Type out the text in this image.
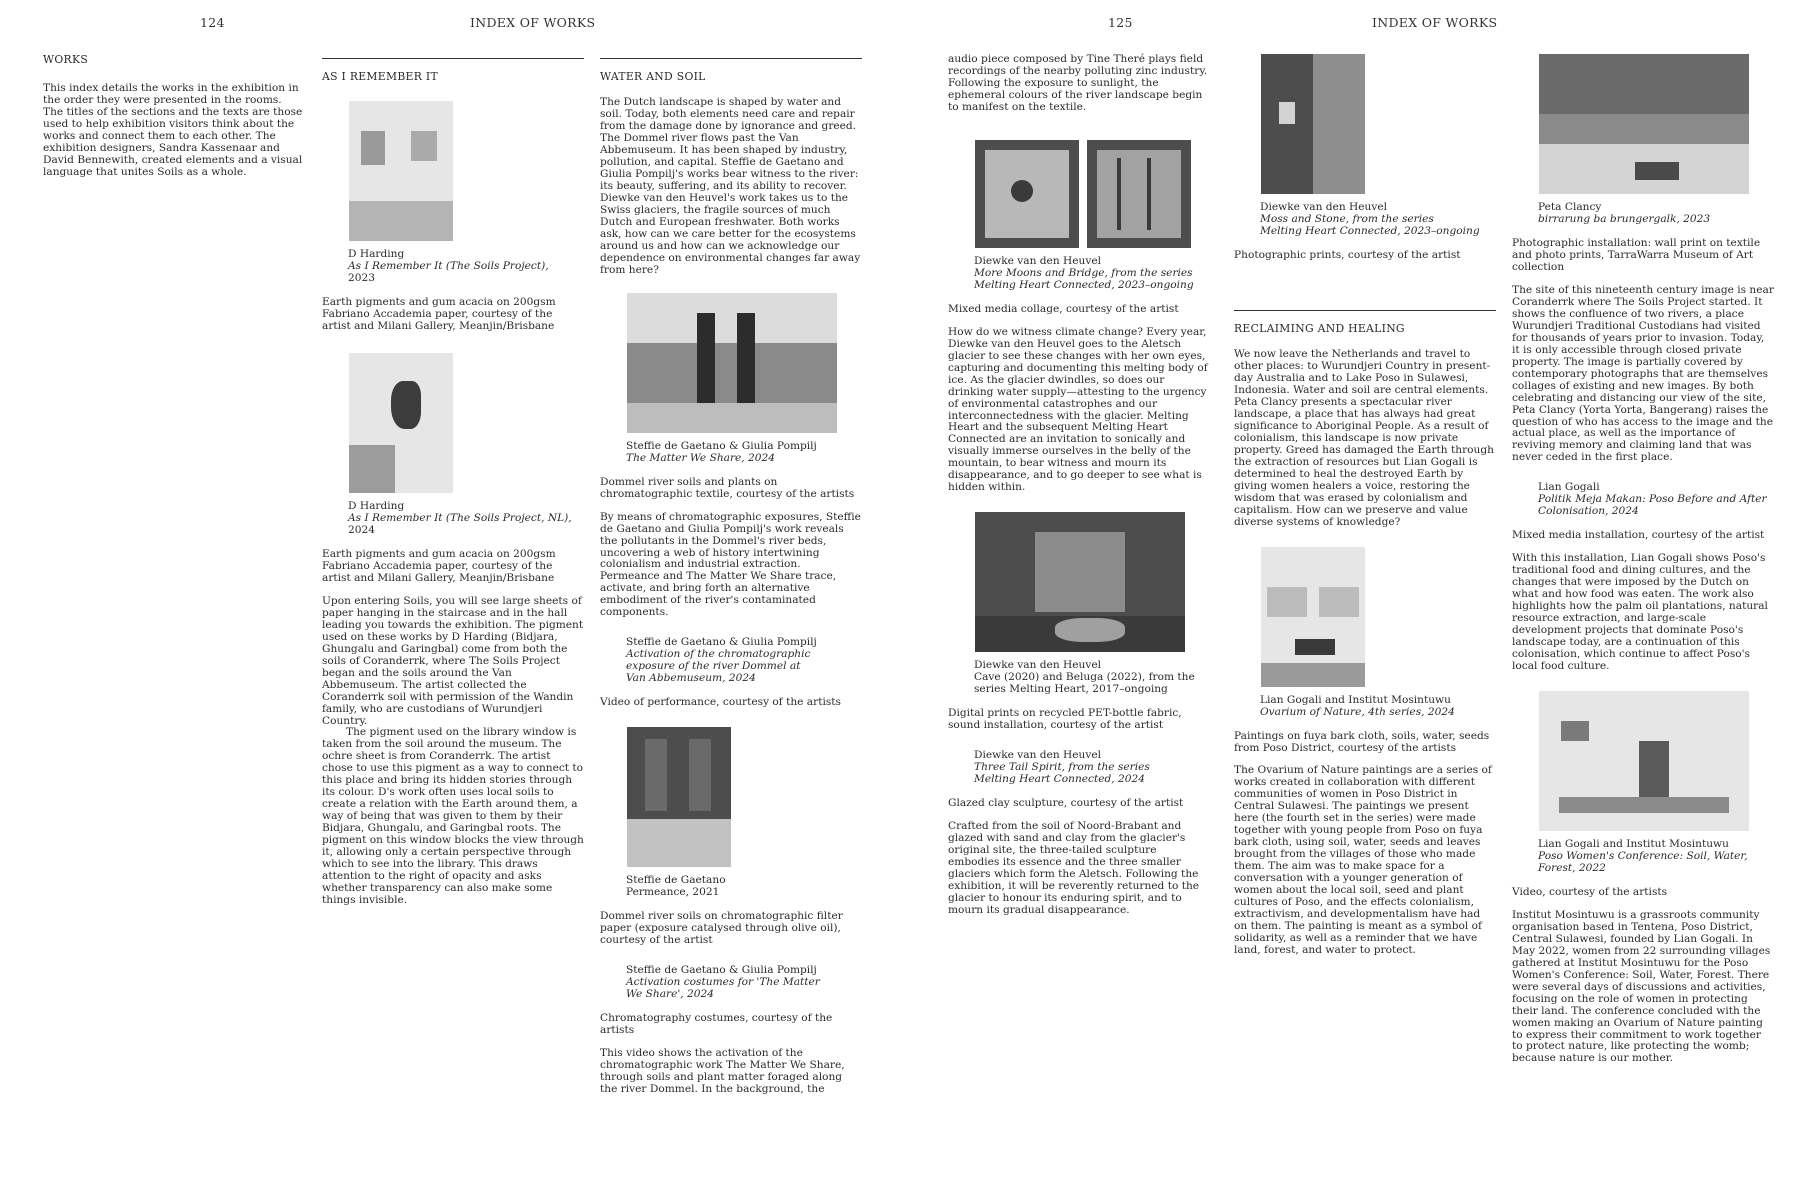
124	INDEX OF WORKS	125	INDEX OF WORKS
WORKS

This index details the works in the exhibition in the order they were presented in the rooms. The titles of the sections and the texts are those used to help exhibition visitors think about the works and connect them to each other. The exhibition designers, Sandra Kassenaar and David Bennewith, created elements and a visual language that unites Soils as a whole.

AS I REMEMBER IT
D Harding
As I Remember It (The Soils Project),
2023

Earth pigments and gum acacia on 200gsm Fabriano Accademia paper, courtesy of the artist and Milani Gallery, Meanjin/Brisbane

D Harding
As I Remember It (The Soils Project, NL),
2024

Earth pigments and gum acacia on 200gsm Fabriano Accademia paper, courtesy of the artist and Milani Gallery, Meanjin/Brisbane

Upon entering Soils, you will see large sheets of paper hanging in the staircase and in the hall leading you towards the exhibition. The pigment used on these works by D Harding (Bidjara, Ghungalu and Garingbal) come from both the soils of Coranderrk, where The Soils Project began and the soils around the Van Abbemuseum. The artist collected the Coranderrk soil with permission of the Wandin family, who are custodians of Wurundjeri Country.

The pigment used on the library window is taken from the soil around the museum. The ochre sheet is from Coranderrk. The artist chose to use this pigment as a way to connect to this place and bring its hidden stories through its colour. D's work often uses local soils to create a relation with the Earth around them, a way of being that was given to them by their Bidjara, Ghungalu, and Garingbal roots. The pigment on this window blocks the view through it, allowing only a certain perspective through which to see into the library. This draws attention to the right of opacity and asks whether transparency can also make some things invisible.

WATER AND SOIL

The Dutch landscape is shaped by water and soil. Today, both elements need care and repair from the damage done by ignorance and greed. The Dommel river flows past the Van Abbemuseum. It has been shaped by industry, pollution, and capital. Steffie de Gaetano and Giulia Pompilj's works bear witness to the river: its beauty, suffering, and its ability to recover. Diewke van den Heuvel's work takes us to the Swiss glaciers, the fragile sources of much Dutch and European freshwater. Both works ask, how can we care better for the ecosystems around us and how can we acknowledge our dependence on environmental changes far away from here?

Steffie de Gaetano & Giulia Pompilj
The Matter We Share, 2024

Dommel river soils and plants on chromatographic textile, courtesy of the artists

By means of chromatographic exposures, Steffie de Gaetano and Giulia Pompilj's work reveals the pollutants in the Dommel's river beds, uncovering a web of history intertwining colonialism and industrial extraction. Permeance and The Matter We Share trace, activate, and bring forth an alternative embodiment of the river's contaminated components.

Steffie de Gaetano & Giulia Pompilj
Activation of the chromatographic
exposure of the river Dommel at
Van Abbemuseum, 2024

Video of performance, courtesy of the artists

Steffie de Gaetano
Permeance, 2021

Dommel river soils on chromatographic filter paper (exposure catalysed through olive oil), courtesy of the artist

Steffie de Gaetano & Giulia Pompilj
Activation costumes for 'The Matter
We Share', 2024

Chromatography costumes, courtesy of the artists

This video shows the activation of the chromatographic work The Matter We Share, through soils and plant matter foraged along the river Dommel. In the background, the

audio piece composed by Tine Theré plays field recordings of the nearby polluting zinc industry. Following the exposure to sunlight, the ephemeral colours of the river landscape begin to manifest on the textile.

Diewke van den Heuvel
More Moons and Bridge, from the series
Melting Heart Connected, 2023–ongoing

Mixed media collage, courtesy of the artist

How do we witness climate change? Every year, Diewke van den Heuvel goes to the Aletsch glacier to see these changes with her own eyes, capturing and documenting this melting body of ice. As the glacier dwindles, so does our drinking water supply—attesting to the urgency of environmental catastrophes and our interconnectedness with the glacier. Melting Heart and the subsequent Melting Heart Connected are an invitation to sonically and visually immerse ourselves in the belly of the mountain, to bear witness and mourn its disappearance, and to go deeper to see what is hidden within.

Diewke van den Heuvel
Cave (2020) and Beluga (2022), from the
series Melting Heart, 2017–ongoing

Digital prints on recycled PET-bottle fabric, sound installation, courtesy of the artist

Diewke van den Heuvel
Three Tail Spirit, from the series
Melting Heart Connected, 2024

Glazed clay sculpture, courtesy of the artist

Crafted from the soil of Noord-Brabant and glazed with sand and clay from the glacier's original site, the three-tailed sculpture embodies its essence and the three smaller glaciers which form the Aletsch. Following the exhibition, it will be reverently returned to the glacier to honour its enduring spirit, and to mourn its gradual disappearance.

Diewke van den Heuvel
Moss and Stone, from the series
Melting Heart Connected, 2023–ongoing

Photographic prints, courtesy of the artist

RECLAIMING AND HEALING

We now leave the Netherlands and travel to other places: to Wurundjeri Country in present-day Australia and to Lake Poso in Sulawesi, Indonesia. Water and soil are central elements. Peta Clancy presents a spectacular river landscape, a place that has always had great significance to Aboriginal People. As a result of colonialism, this landscape is now private property. Greed has damaged the Earth through the extraction of resources but Lian Gogali is determined to heal the destroyed Earth by giving women healers a voice, restoring the wisdom that was erased by colonialism and capitalism. How can we preserve and value diverse systems of knowledge?

Lian Gogali and Institut Mosintuwu
Ovarium of Nature, 4th series, 2024

Paintings on fuya bark cloth, soils, water, seeds from Poso District, courtesy of the artists

The Ovarium of Nature paintings are a series of works created in collaboration with different communities of women in Poso District in Central Sulawesi. The paintings we present here (the fourth set in the series) were made together with young people from Poso on fuya bark cloth, using soil, water, seeds and leaves brought from the villages of those who made them. The aim was to make space for a conversation with a younger generation of women about the local soil, seed and plant cultures of Poso, and the effects colonialism, extractivism, and developmentalism have had on them. The painting is meant as a symbol of solidarity, as well as a reminder that we have land, forest, and water to protect.

Peta Clancy
birrarung ba brungergalk, 2023

Photographic installation: wall print on textile and photo prints, TarraWarra Museum of Art collection

The site of this nineteenth century image is near Coranderrk where The Soils Project started. It shows the confluence of two rivers, a place Wurundjeri Traditional Custodians had visited for thousands of years prior to invasion. Today, it is only accessible through closed private property. The image is partially covered by contemporary photographs that are themselves collages of existing and new images. By both celebrating and distancing our view of the site, Peta Clancy (Yorta Yorta, Bangerang) raises the question of who has access to the image and the actual place, as well as the importance of reviving memory and claiming land that was never ceded in the first place.

Lian Gogali
Politik Meja Makan: Poso Before and After
Colonisation, 2024

Mixed media installation, courtesy of the artist

With this installation, Lian Gogali shows Poso's traditional food and dining cultures, and the changes that were imposed by the Dutch on what and how food was eaten. The work also highlights how the palm oil plantations, natural resource extraction, and large-scale development projects that dominate Poso's landscape today, are a continuation of this colonisation, which continue to affect Poso's local food culture.

Lian Gogali and Institut Mosintuwu
Poso Women's Conference: Soil, Water,
Forest, 2022

Video, courtesy of the artists

Institut Mosintuwu is a grassroots community organisation based in Tentena, Poso District, Central Sulawesi, founded by Lian Gogali. In May 2022, women from 22 surrounding villages gathered at Institut Mosintuwu for the Poso Women's Conference: Soil, Water, Forest. There were several days of discussions and activities, focusing on the role of women in protecting their land. The conference concluded with the women making an Ovarium of Nature painting to express their commitment to work together to protect nature, like protecting the womb; because nature is our mother.
